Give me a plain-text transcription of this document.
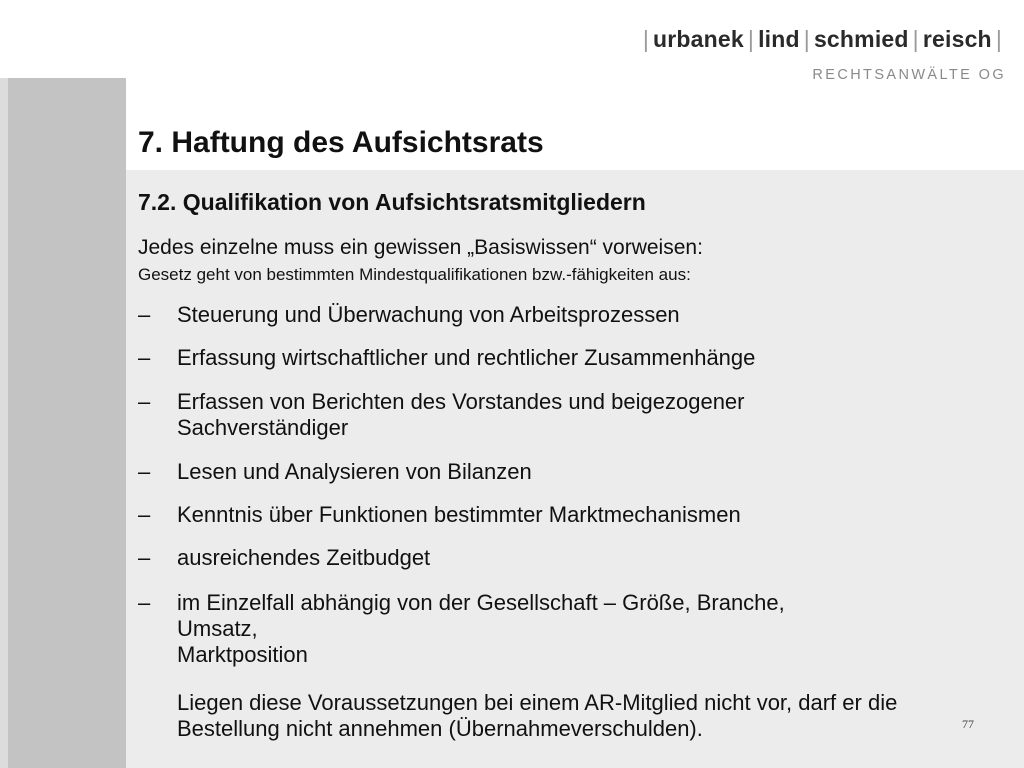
| urbanek | lind | schmied | reisch |
RECHTSANWÄLTE OG
7. Haftung des Aufsichtsrats
7.2. Qualifikation von Aufsichtsratsmitgliedern
Jedes einzelne muss ein gewissen „Basiswissen“ vorweisen:
Gesetz geht von bestimmten Mindestqualifikationen bzw.-fähigkeiten aus:
–	Steuerung und Überwachung von Arbeitsprozessen
–	Erfassung wirtschaftlicher und rechtlicher Zusammenhänge
–	Erfassen von Berichten des Vorstandes und beigezogener
Sachverständiger
–	Lesen und Analysieren von Bilanzen
–	Kenntnis über Funktionen bestimmter Marktmechanismen
–	ausreichendes Zeitbudget
–	im Einzelfall abhängig von der Gesellschaft – Größe, Branche,
Umsatz,
Marktposition
Liegen diese Voraussetzungen bei einem AR-Mitglied nicht vor, darf er die Bestellung nicht annehmen (Übernahmeverschulden).	77
